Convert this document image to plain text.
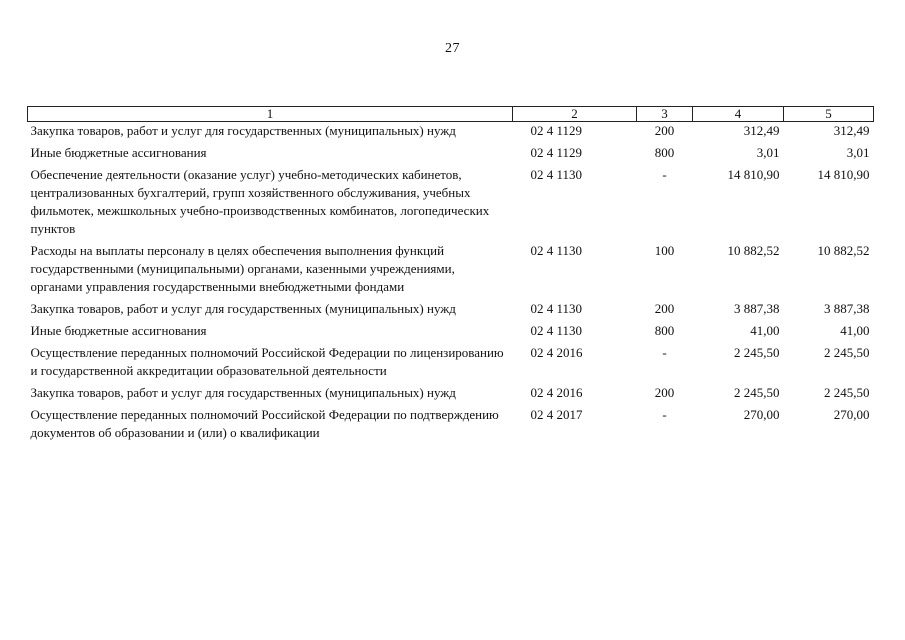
27
1	2	3	4	5
Закупка товаров, работ и услуг для государственных (муниципальных) нужд	02 4 1129	200	312,49	312,49
Иные бюджетные ассигнования	02 4 1129	800	3,01	3,01
Обеспечение деятельности (оказание услуг) учебно-методических кабинетов, централизованных бухгалтерий, групп хозяйственного обслуживания, учебных фильмотек, межшкольных учебно-производственных комбинатов, логопедических пунктов	02 4 1130	-	14 810,90	14 810,90
Расходы на выплаты персоналу в целях обеспечения выполнения функций государственными (муниципальными) органами, казенными учреждениями, органами управления государственными внебюджетными фондами	02 4 1130	100	10 882,52	10 882,52
Закупка товаров, работ и услуг для государственных (муниципальных) нужд	02 4 1130	200	3 887,38	3 887,38
Иные бюджетные ассигнования	02 4 1130	800	41,00	41,00
Осуществление переданных полномочий Российской Федерации по лицензированию и государственной аккредитации образовательной деятельности	02 4 2016	-	2 245,50	2 245,50
Закупка товаров, работ и услуг для государственных (муниципальных) нужд	02 4 2016	200	2 245,50	2 245,50
Осуществление переданных полномочий Российской Федерации по подтверждению документов об образовании и (или) о квалификации	02 4 2017	-	270,00	270,00
